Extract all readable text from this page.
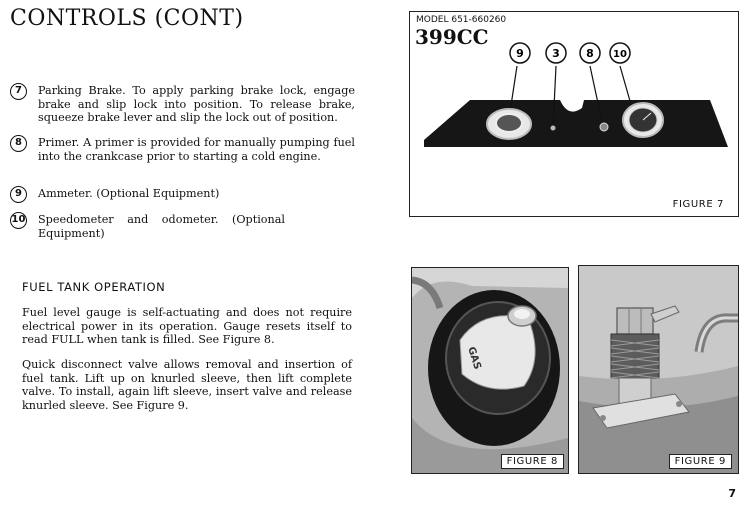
CONTROLS (CONT)
7	Parking Brake. To apply parking brake lock, engage brake and slip lock into position. To release brake, squeeze brake lever and slip the lock out of position.
8	Primer. A primer is provided for manually pumping fuel into the crankcase prior to starting a cold engine.
9	Ammeter. (Optional Equipment)
10 Speedometer and odometer. (Optional Equipment)
FUEL TANK OPERATION

Fuel level gauge is self-actuating and does not require electrical power in its operation. Gauge resets itself to read FULL when tank is filled. See Figure 8.

Quick disconnect valve allows removal and insertion of fuel tank. Lift up on knurled sleeve, then lift complete valve. To install, again lift sleeve, insert valve and release knurled sleeve. See Figure 9.

MODEL 651-660260
399CC
9	3 8 10
FIGURE 7
GAS
FIGURE 8	FIGURE 9
7
